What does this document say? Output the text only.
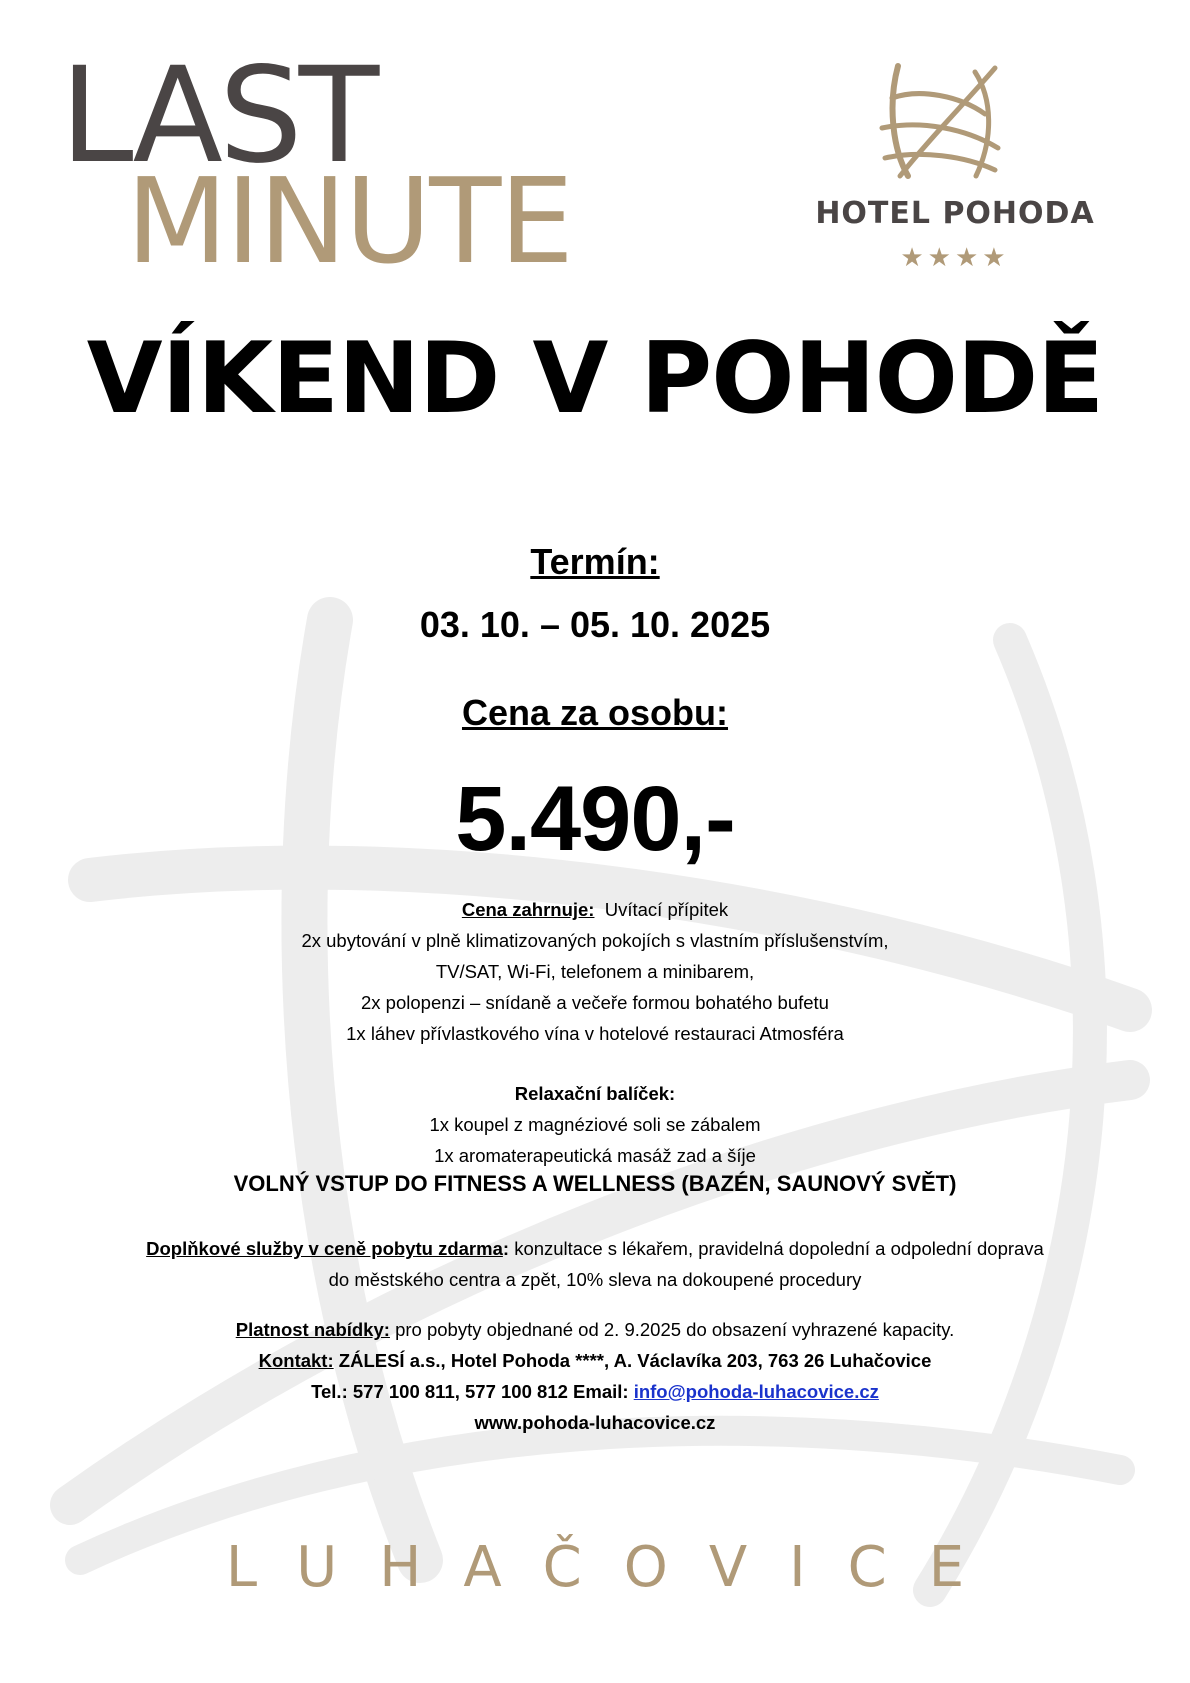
LAST
MINUTE	HOTEL POHODA
★★★★
VÍKEND V POHODĚ
Termín:
03. 10. – 05. 10. 2025
Cena za osobu:
5.490,-
Cena zahrnuje: Uvítací přípitek
2x ubytování v plně klimatizovaných pokojích s vlastním příslušenstvím,
TV/SAT, Wi-Fi, telefonem a minibarem,
2x polopenzi – snídaně a večeře formou bohatého bufetu
1x láhev přívlastkového vína v hotelové restauraci Atmosféra
Relaxační balíček:
1x koupel z magnéziové soli se zábalem
1x aromaterapeutická masáž zad a šíje
VOLNÝ VSTUP DO FITNESS A WELLNESS (BAZÉN, SAUNOVÝ SVĚT)
Doplňkové služby v ceně pobytu zdarma: konzultace s lékařem, pravidelná dopolední a odpolední doprava
do městského centra a zpět, 10% sleva na dokoupené procedury
Platnost nabídky: pro pobyty objednané od 2. 9.2025 do obsazení vyhrazené kapacity.
Kontakt: ZÁLESÍ a.s., Hotel Pohoda ****, A. Václavíka 203, 763 26 Luhačovice
Tel.: 577 100 811, 577 100 812 Email: info@pohoda-luhacovice.cz
www.pohoda-luhacovice.cz
LUHAČOVICE
